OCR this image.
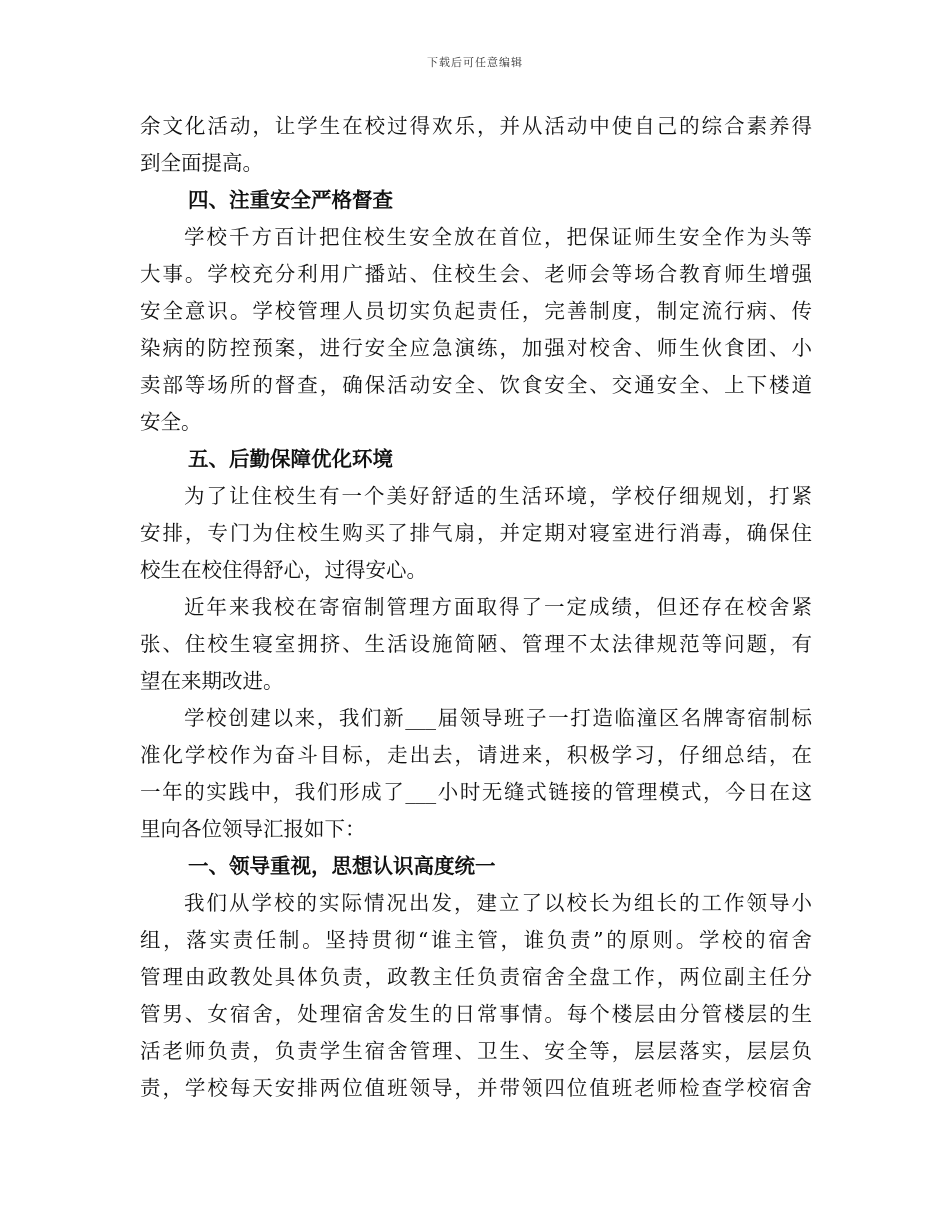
下载后可任意编辑
余文化活动，让学生在校过得欢乐，并从活动中使自己的综合素养得
到全面提高。
四、注重安全严格督查
学校千方百计把住校生安全放在首位，把保证师生安全作为头等
大事。学校充分利用广播站、住校生会、老师会等场合教育师生增强
安全意识。学校管理人员切实负起责任，完善制度，制定流行病、传
染病的防控预案，进行安全应急演练，加强对校舍、师生伙食团、小
卖部等场所的督查，确保活动安全、饮食安全、交通安全、上下楼道
安全。
五、后勤保障优化环境
为了让住校生有一个美好舒适的生活环境，学校仔细规划，打紧
安排，专门为住校生购买了排气扇，并定期对寝室进行消毒，确保住
校生在校住得舒心，过得安心。
近年来我校在寄宿制管理方面取得了一定成绩，但还存在校舍紧
张、住校生寝室拥挤、生活设施简陋、管理不太法律规范等问题，有
望在来期改进。
学校创建以来，我们新___届领导班子一打造临潼区名牌寄宿制标
准化学校作为奋斗目标，走出去，请进来，积极学习，仔细总结，在
一年的实践中，我们形成了___小时无缝式链接的管理模式，今日在这
里向各位领导汇报如下：
一、领导重视，思想认识高度统一
我们从学校的实际情况出发，建立了以校长为组长的工作领导小
组，落实责任制。坚持贯彻“谁主管，谁负责”的原则。学校的宿舍
管理由政教处具体负责，政教主任负责宿舍全盘工作，两位副主任分
管男、女宿舍，处理宿舍发生的日常事情。每个楼层由分管楼层的生
活老师负责，负责学生宿舍管理、卫生、安全等，层层落实，层层负
责，学校每天安排两位值班领导，并带领四位值班老师检查学校宿舍
